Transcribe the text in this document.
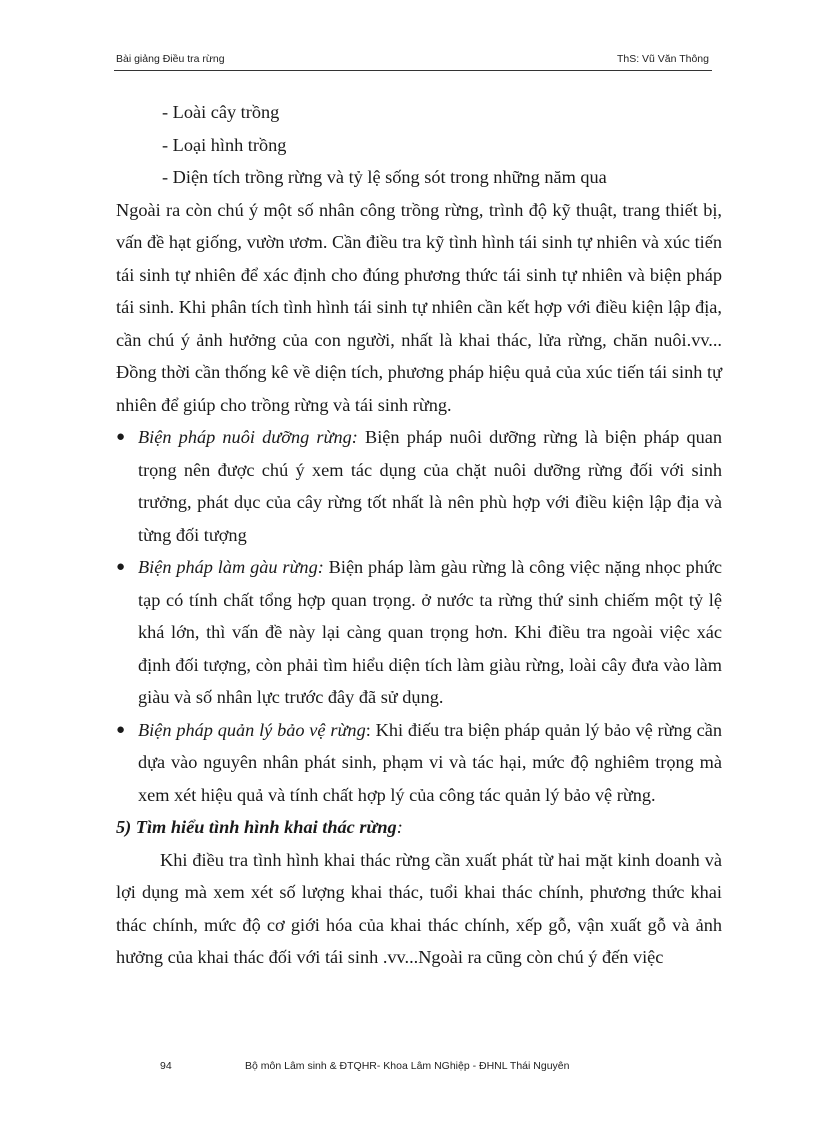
Bài giảng Điều tra rừng	ThS: Vũ Văn Thông

- Loài cây trồng

- Loại hình trồng

- Diện tích trồng rừng và tỷ lệ sống sót trong những năm qua

Ngoài ra còn chú ý một số nhân công trồng rừng, trình độ kỹ thuật, trang thiết bị, vấn đề hạt giống, vườn ươm. Cần điều tra kỹ tình hình tái sinh tự nhiên và xúc tiến tái sinh tự nhiên để xác định cho đúng phương thức tái sinh tự nhiên và biện pháp tái sinh. Khi phân tích tình hình tái sinh tự nhiên cần kết hợp với điều kiện lập địa, cần chú ý ảnh hưởng của con người, nhất là khai thác, lửa rừng, chăn nuôi.vv... Đồng thời cần thống kê về diện tích, phương pháp hiệu quả của xúc tiến tái sinh tự nhiên để giúp cho trồng rừng và tái sinh rừng.

● Biện pháp nuôi dưỡng rừng: Biện pháp nuôi dưỡng rừng là biện pháp quan trọng nên được chú ý xem tác dụng của chặt nuôi dưỡng rừng đối với sinh trưởng, phát dục của cây rừng tốt nhất là nên phù hợp với điều kiện lập địa và từng đối tượng

● Biện pháp làm gàu rừng: Biện pháp làm gàu rừng là công việc nặng nhọc phức tạp có tính chất tổng hợp quan trọng. ở nước ta rừng thứ sinh chiếm một tỷ lệ khá lớn, thì vấn đề này lại càng quan trọng hơn. Khi điều tra ngoài việc xác định đối tượng, còn phải tìm hiểu diện tích làm giàu rừng, loài cây đưa vào làm giàu và số nhân lực trước đây đã sử dụng.

● Biện pháp quản lý bảo vệ rừng: Khi điếu tra biện pháp quản lý bảo vệ rừng cần dựa vào nguyên nhân phát sinh, phạm vi và tác hại, mức độ nghiêm trọng mà xem xét hiệu quả và tính chất hợp lý của công tác quản lý bảo vệ rừng.

5) Tìm hiểu tình hình khai thác rừng:

Khi điều tra tình hình khai thác rừng cần xuất phát từ hai mặt kinh doanh và lợi dụng mà xem xét số lượng khai thác, tuổi khai thác chính, phương thức khai thác chính, mức độ cơ giới hóa của khai thác chính, xếp gỗ, vận xuất gỗ và ảnh hưởng của khai thác đối với tái sinh .vv...Ngoài ra cũng còn chú ý đến việc

94	Bộ môn Lâm sinh & ĐTQHR- Khoa Lâm NGhiệp - ĐHNL Thái Nguyên
